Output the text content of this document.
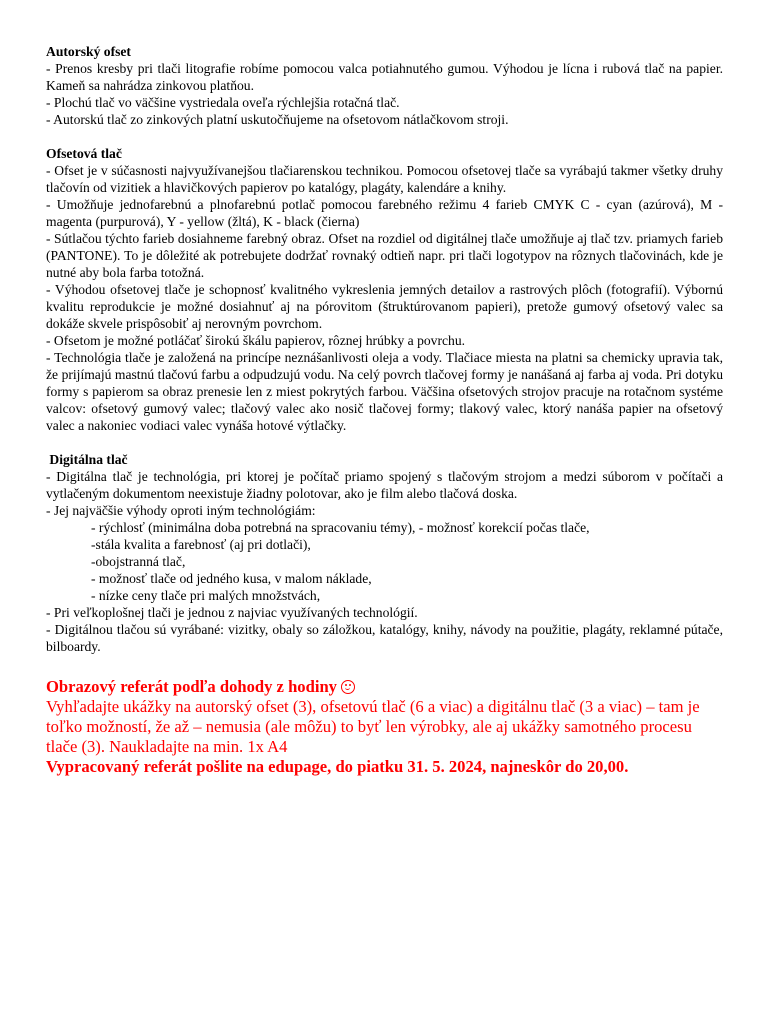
Autorský ofset

- Prenos kresby pri tlači litografie robíme pomocou valca potiahnutého gumou. Výhodou je lícna i rubová tlač na papier. Kameň sa nahrádza zinkovou platňou.

- Plochú tlač vo väčšine vystriedala oveľa rýchlejšia rotačná tlač.

- Autorskú tlač zo zinkových platní uskutočňujeme na ofsetovom nátlačkovom stroji.

Ofsetová tlač

- Ofset je v súčasnosti najvyužívanejšou tlačiarenskou technikou. Pomocou ofsetovej tlače sa vyrábajú takmer všetky druhy tlačovín od viziti​ek a hlavičkových papierov po katalógy, plagáty, kalendáre a knihy.

- Umožňuje jednofarebnú a plnofarebnú potlač pomocou farebného režimu 4 farieb CMYK C - cyan (azúrová), M - magenta (purpurová), Y - yellow (žltá), K - black (čierna)

- Sútlačou týchto farieb dosiahneme farebný obraz. Ofset na rozdiel od digitálnej tlače umožňuje aj tlač tzv. priamych farieb (PANTONE). To je dôležité ak potrebujete dodržať rovnaký odtieň napr. pri tlači logotypov na rôznych tlačovinách, kde je nutné aby bola farba totožná.

- Výhodou ofsetovej tlače je schopnosť kvalitného vykreslenia jemných detailov a rastrových plôch (fotografií). Výbornú kvalitu reprodukcie je možné dosiahnuť aj na pórovitom (štruktúrovanom papieri), pretože gumový ofsetový valec sa dokáže skvele prispôsobiť aj nerovným povrchom.

- Ofsetom je možné potláčať širokú škálu papierov, rôznej hrúbky a povrchu.

- Technológia tlače je založená na princípe neznášanlivosti oleja a vody. Tlačiace miesta na platni sa chemicky upravia tak, že prijímajú mastnú tlačovú farbu a odpudzujú vodu. Na celý povrch tlačovej formy je nanášaná aj farba aj voda. Pri dotyku formy s papierom sa obraz prenesie len z miest pokrytých farbou. Väčšina ofsetových strojov pracuje na rotačnom systéme valcov: ofsetový gumový valec; tlačový valec ako nosič tlačovej formy; tlakový valec, ktorý nanáša papier na ofsetový valec a nakoniec vodiaci valec vynáša hotové výtlačky.

Digitálna tlač

- Digitálna tlač je technológia, pri ktorej je počítač priamo spojený s tlačovým strojom a medzi súborom v počítači a vytlačeným dokumentom neexistuje žiadny polotovar, ako je film alebo tlačová doska.

- Jej najväčšie výhody oproti iným technológiám:

- rýchlosť (minimálna doba potrebná na spracovaniu témy), - možnosť korekcií počas tlače,
-stála kvalita a farebnosť (aj pri dotlači),
-obojstranná tlač,
- možnosť tlače od jedného kusa, v malom náklade,
- nízke ceny tlače pri malých množstvách,

- Pri veľkoplošnej tlači je jednou z najviac využívaných technológií.

- Digitálnou tlačou sú vyrábané: vizitky, obaly so záložkou, katalógy, knihy, návody na použitie, plagáty, reklamné pútače, bilboardy.

Obrazový referát podľa dohody z hodiny
Vyhľadajte ukážky na autorský ofset (3), ofsetovú tlač (6 a viac) a digitálnu tlač (3 a viac) – tam je toľko možností, že až – nemusia (ale môžu) to byť len výrobky, ale aj ukážky samotného procesu tlače (3). Naukladajte na min. 1x A4
Vypracovaný referát pošlite na edupage, do piatku 31. 5. 2024, najneskôr do 20,00.
